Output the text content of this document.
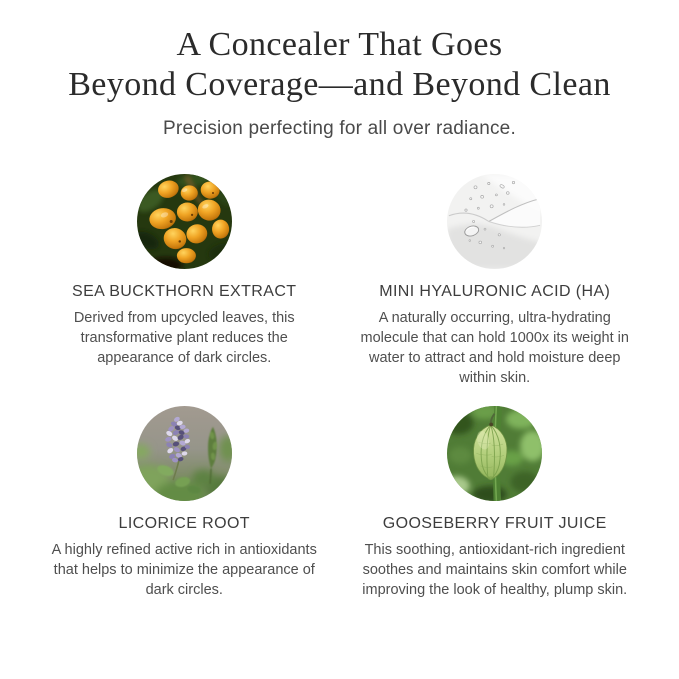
A Concealer That Goes
Beyond Coverage—and Beyond Clean

Precision perfecting for all over radiance.

SEA BUCKTHORN EXTRACT

Derived from upcycled leaves, this transformative plant reduces the appearance of dark circles.

MINI HYALURONIC ACID (HA)

A naturally occurring, ultra-hydrating molecule that can hold 1000x its weight in water to attract and hold moisture deep within skin.

LICORICE ROOT

A highly refined active rich in antioxidants that helps to minimize the appearance of dark circles.

GOOSEBERRY FRUIT JUICE

This soothing, antioxidant-rich ingredient soothes and maintains skin comfort while improving the look of healthy, plump skin.
